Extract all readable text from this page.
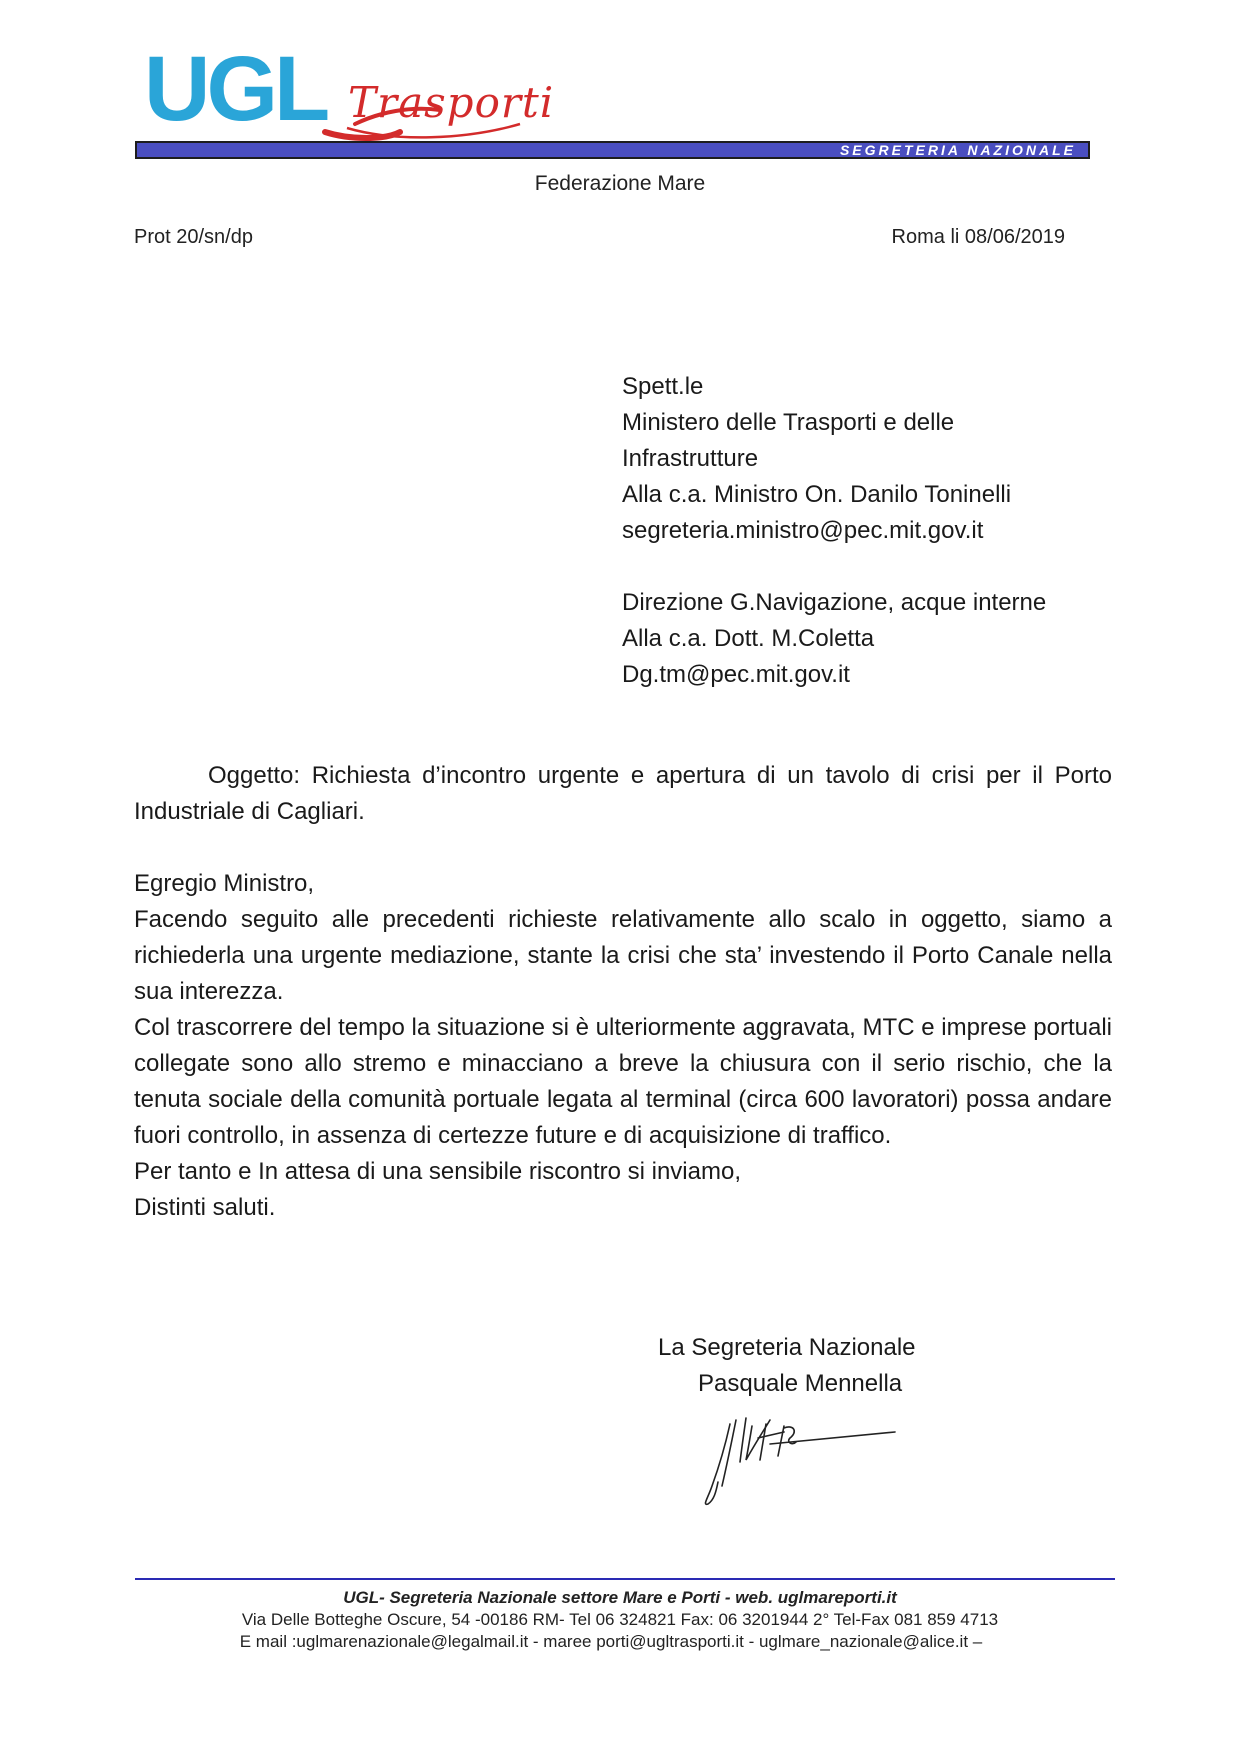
UGL Trasporti
SEGRETERIA NAZIONALE
Federazione Mare
Prot 20/sn/dp	Roma li 08/06/2019
Spett.le
Ministero delle Trasporti e delle
Infrastrutture
Alla c.a. Ministro On. Danilo Toninelli
segreteria.ministro@pec.mit.gov.it
Direzione G.Navigazione, acque interne
Alla c.a. Dott. M.Coletta
Dg.tm@pec.mit.gov.it
Oggetto: Richiesta d’incontro urgente e apertura di un tavolo di crisi per il Porto Industriale di Cagliari.
Egregio Ministro,
Facendo seguito alle precedenti richieste relativamente allo scalo in oggetto, siamo a richiederla una urgente mediazione, stante la crisi che sta’ investendo il Porto Canale nella sua interezza.
Col trascorrere del tempo la situazione si è ulteriormente aggravata, MTC e imprese portuali collegate sono allo stremo e minacciano a breve la chiusura con il serio rischio, che la tenuta sociale della comunità portuale legata al terminal (circa 600 lavoratori) possa andare fuori controllo, in assenza di certezze future e di acquisizione di traffico.
Per tanto e In attesa di una sensibile riscontro si inviamo,
Distinti saluti.
La Segreteria Nazionale
Pasquale Mennella
UGL- Segreteria Nazionale settore Mare e Porti - web. uglmareporti.it
Via Delle Botteghe Oscure, 54 -00186 RM- Tel 06 324821 Fax: 06 3201944 2° Tel-Fax 081 859 4713
E mail :uglmarenazionale@legalmail.it - maree porti@ugltrasporti.it - uglmare_nazionale@alice.it –
